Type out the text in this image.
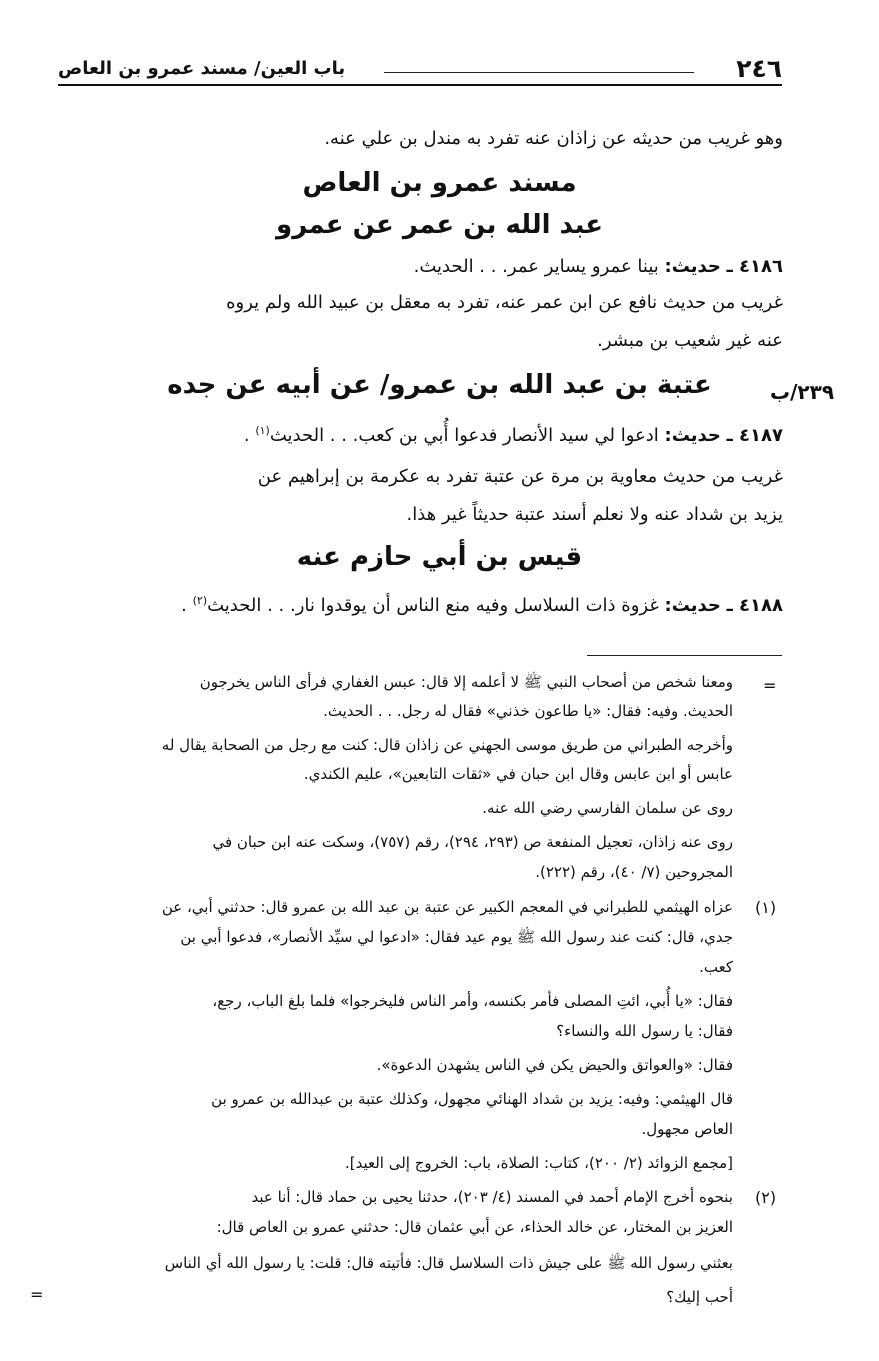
٢٤٦
باب العين/ مسند عمرو بن العاص
٢٣٩/ب
وهو غريب من حديثه عن زاذان عنه تفرد به مندل بن علي عنه.
مسند عمرو بن العاص
عبد الله بن عمر عن عمرو
٤١٨٦ ـ حديث: بينا عمرو يساير عمر. . . الحديث.
غريب من حديث نافع عن ابن عمر عنه، تفرد به معقل بن عبيد الله ولم يروه
عنه غير شعيب بن مبشر.
عتبة بن عبد الله بن عمرو/ عن أبيه عن جده
٤١٨٧ ـ حديث: ادعوا لي سيد الأنصار فدعوا أُبي بن كعب. . . الحديث$^{(١)}$ .
غريب من حديث معاوية بن مرة عن عتبة تفرد به عكرمة بن إبراهيم عن
يزيد بن شداد عنه ولا نعلم أسند عتبة حديثاً غير هذا.
قيس بن أبي حازم عنه
٤١٨٨ ـ حديث: غزوة ذات السلاسل وفيه منع الناس أن يوقدوا نار. . . الحديث$^{(٢)}$ .
=
ومعنا شخص من أصحاب النبي ﷺ لا أعلمه إلا قال: عبس الغفاري فرأى الناس يخرجون
الحديث. وفيه: فقال: «يا طاعون خذني» فقال له رجل. . . الحديث.
وأخرجه الطبراني من طريق موسى الجهني عن زاذان قال: كنت مع رجل من الصحابة يقال له
عابس أو ابن عابس وقال ابن حبان في «ثقات التابعين»، عليم الكندي.
روى عن سلمان الفارسي رضي الله عنه.
روى عنه زاذان، تعجيل المنفعة ص (٢٩٣، ٢٩٤)، رقم (٧٥٧)، وسكت عنه ابن حبان في
المجروحين (٧/ ٤٠)، رقم (٢٢٢).
(١)
عزاه الهيثمي للطبراني في المعجم الكبير عن عتبة بن عبد الله بن عمرو قال: حدثني أبي، عن
جدي، قال: كنت عند رسول الله ﷺ يوم عيد فقال: «ادعوا لي سيِّد الأنصار»، فدعوا أبي بن
كعب.
فقال: «يا أُبي، ائتِ المصلى فأمر بكنسه، وأمر الناس فليخرجوا» فلما بلغ الباب، رجع،
فقال: يا رسول الله والنساء؟
فقال: «والعواتق والحيض يكن في الناس يشهدن الدعوة».
قال الهيثمي: وفيه: يزيد بن شداد الهنائي مجهول، وكذلك عتبة بن عبدالله بن عمرو بن
العاص مجهول.
[مجمع الزوائد (٢/ ٢٠٠)، كتاب: الصلاة، باب: الخروج إلى العيد].
(٢)
بنحوه أخرج الإمام أحمد في المسند (٤/ ٢٠٣)، حدثنا يحيى بن حماد قال: أنا عبد
العزيز بن المختار، عن خالد الحذاء، عن أبي عثمان قال: حدثني عمرو بن العاص قال:
بعثني رسول الله ﷺ على جيش ذات السلاسل قال: فأتيته قال: قلت: يا رسول الله أي الناس
أحب إليك؟
=
